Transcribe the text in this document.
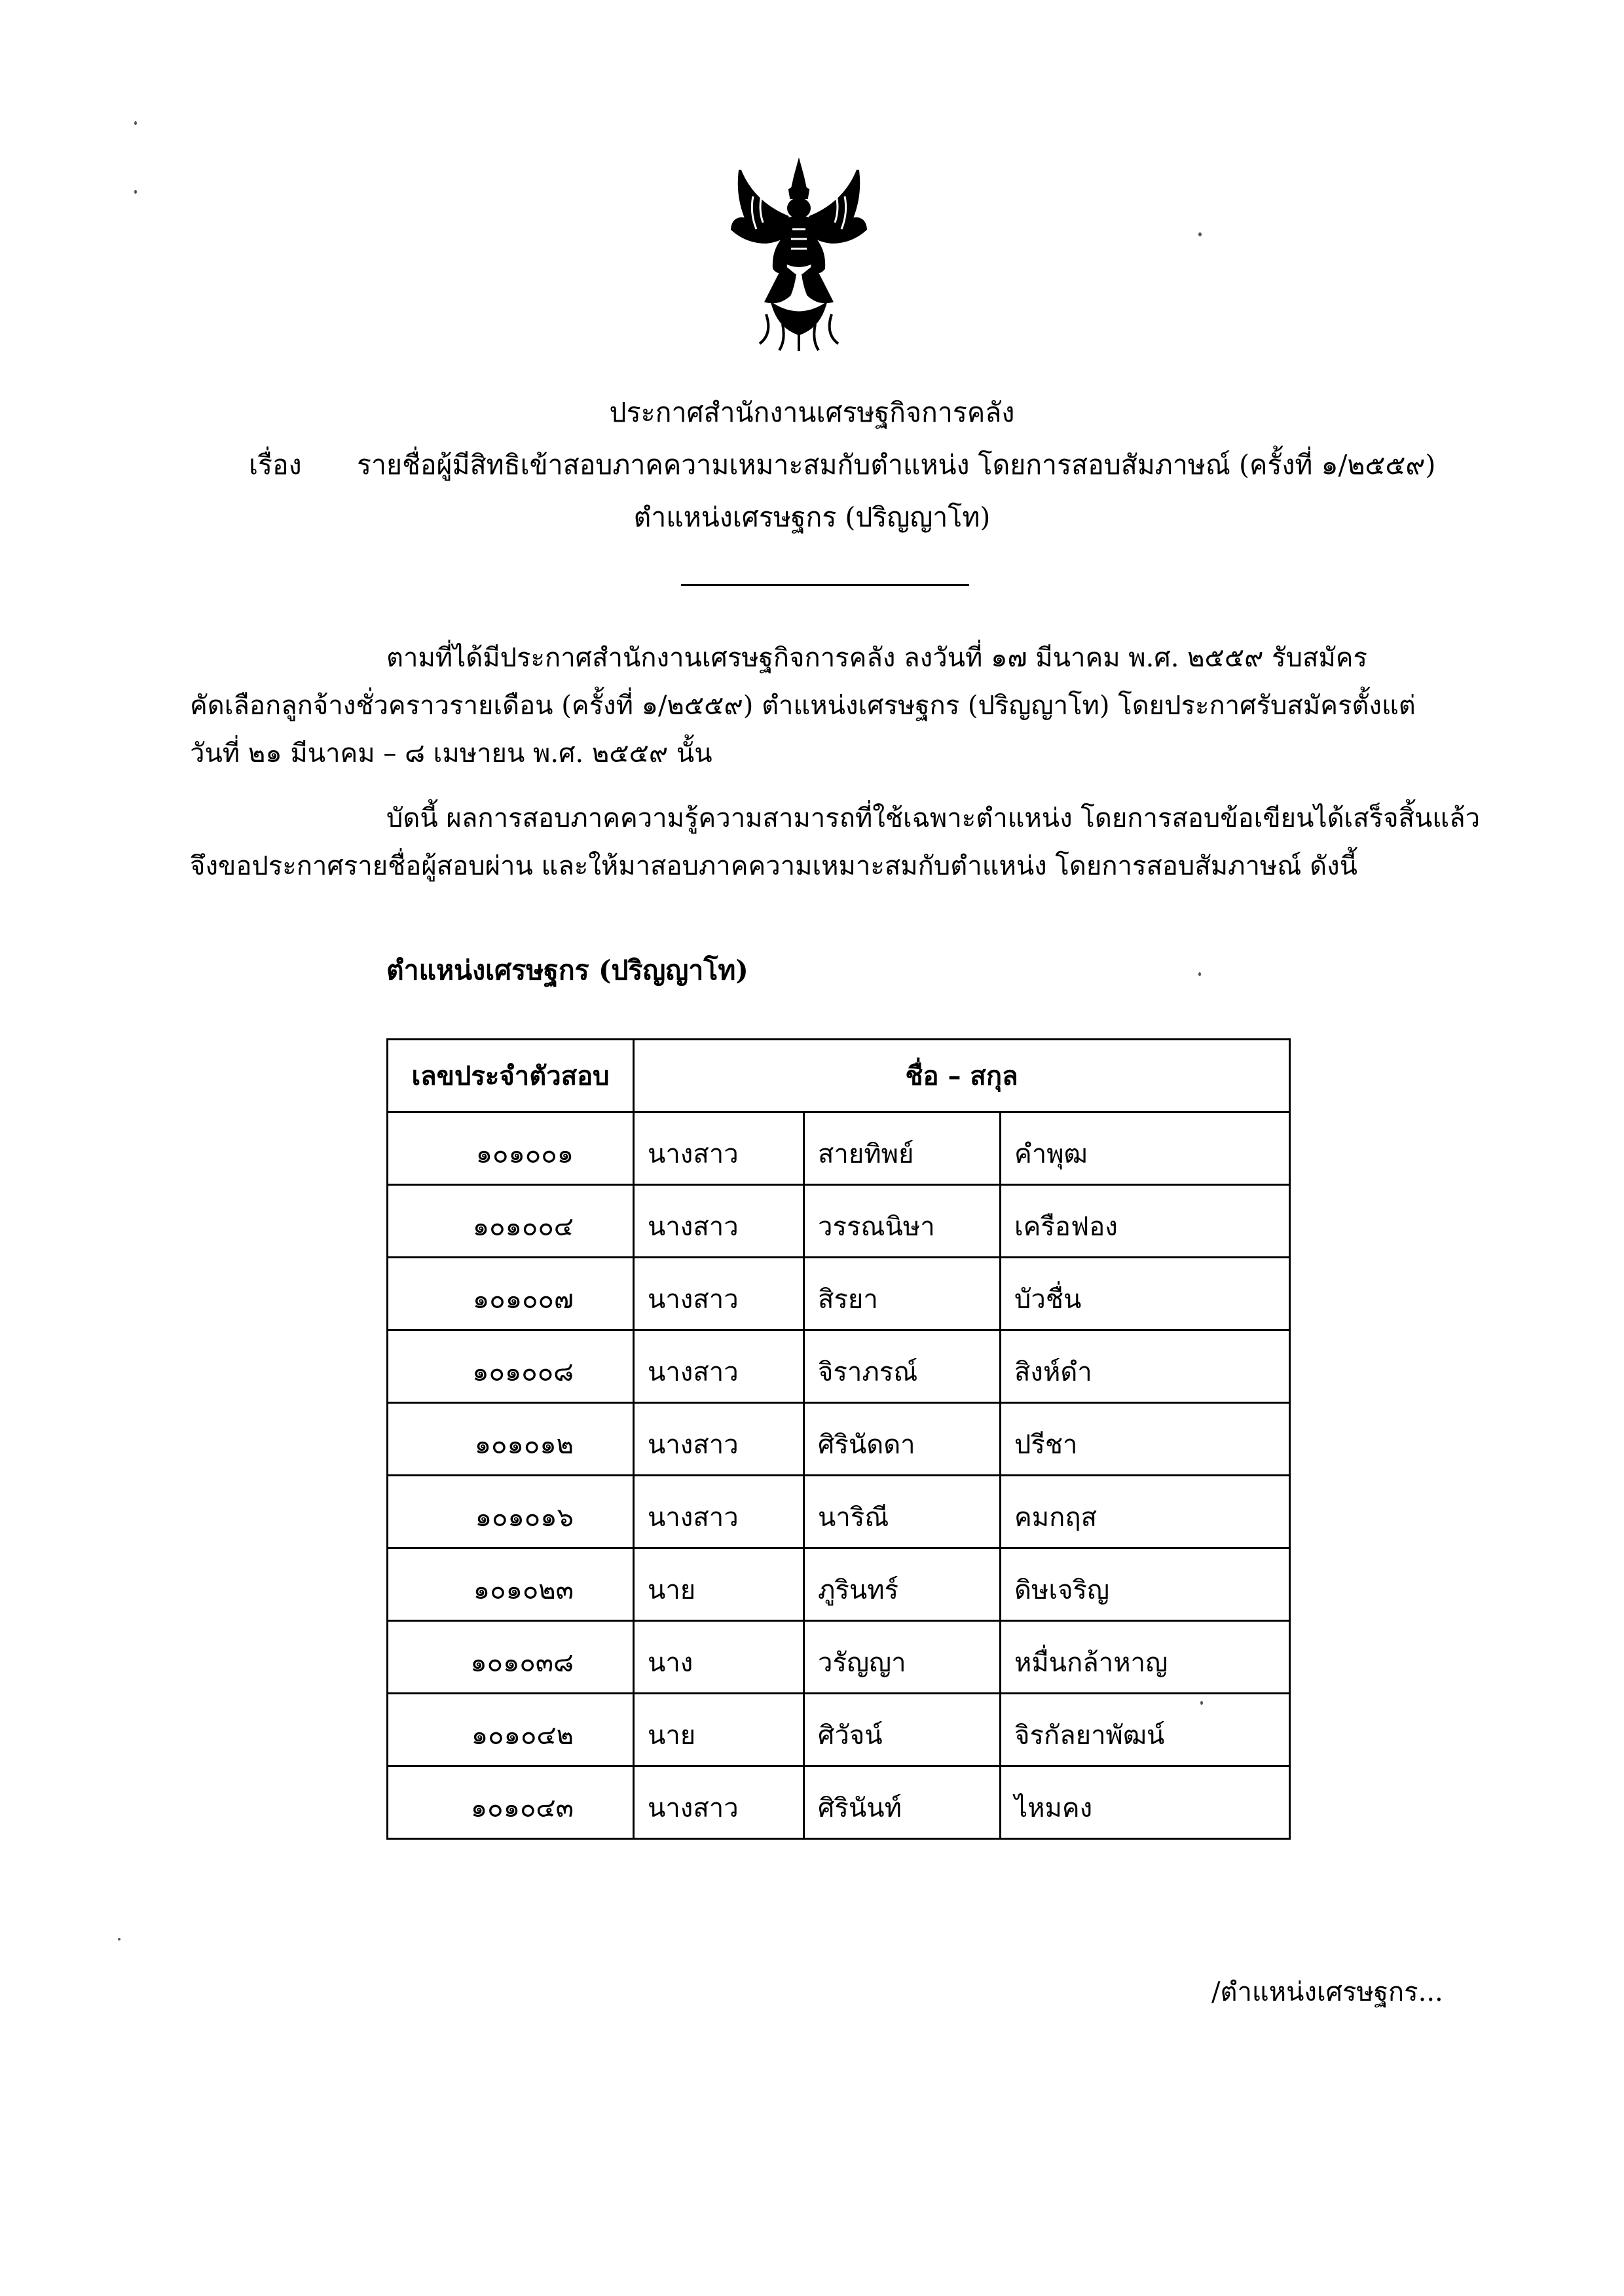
ประกาศสำนักงานเศรษฐกิจการคลัง
เรื่อง รายชื่อผู้มีสิทธิเข้าสอบภาคความเหมาะสมกับตำแหน่ง โดยการสอบสัมภาษณ์ (ครั้งที่ ๑/๒๕๕๙)
ตำแหน่งเศรษฐกร (ปริญญาโท)
ตามที่ได้มีประกาศสำนักงานเศรษฐกิจการคลัง ลงวันที่ ๑๗ มีนาคม พ.ศ. ๒๕๕๙ รับสมัคร
คัดเลือกลูกจ้างชั่วคราวรายเดือน (ครั้งที่ ๑/๒๕๕๙) ตำแหน่งเศรษฐกร (ปริญญาโท) โดยประกาศรับสมัครตั้งแต่
วันที่ ๒๑ มีนาคม – ๘ เมษายน พ.ศ. ๒๕๕๙ นั้น
บัดนี้ ผลการสอบภาคความรู้ความสามารถที่ใช้เฉพาะตำแหน่ง โดยการสอบข้อเขียนได้เสร็จสิ้นแล้ว
จึงขอประกาศรายชื่อผู้สอบผ่าน และให้มาสอบภาคความเหมาะสมกับตำแหน่ง โดยการสอบสัมภาษณ์ ดังนี้
ตำแหน่งเศรษฐกร (ปริญญาโท)
เลขประจำตัวสอบ	ชื่อ – สกุล		
๑๐๑๐๐๑	นางสาว	สายทิพย์	คำพุฒ
๑๐๑๐๐๔	นางสาว	วรรณนิษา	เครือฟอง
๑๐๑๐๐๗	นางสาว	สิรยา	บัวชื่น
๑๐๑๐๐๘	นางสาว	จิราภรณ์	สิงห์ดำ
๑๐๑๐๑๒	นางสาว	ศิรินัดดา	ปรีชา
๑๐๑๐๑๖	นางสาว	นาริณี	คมกฤส
๑๐๑๐๒๓	นาย	ภูรินทร์	ดิษเจริญ
๑๐๑๐๓๘	นาง	วรัญญา	หมื่นกล้าหาญ
๑๐๑๐๔๒	นาย	ศิวัจน์	จิรกัลยาพัฒน์
๑๐๑๐๔๓	นางสาว	ศิรินันท์	ไหมคง
/ตำแหน่งเศรษฐกร...
